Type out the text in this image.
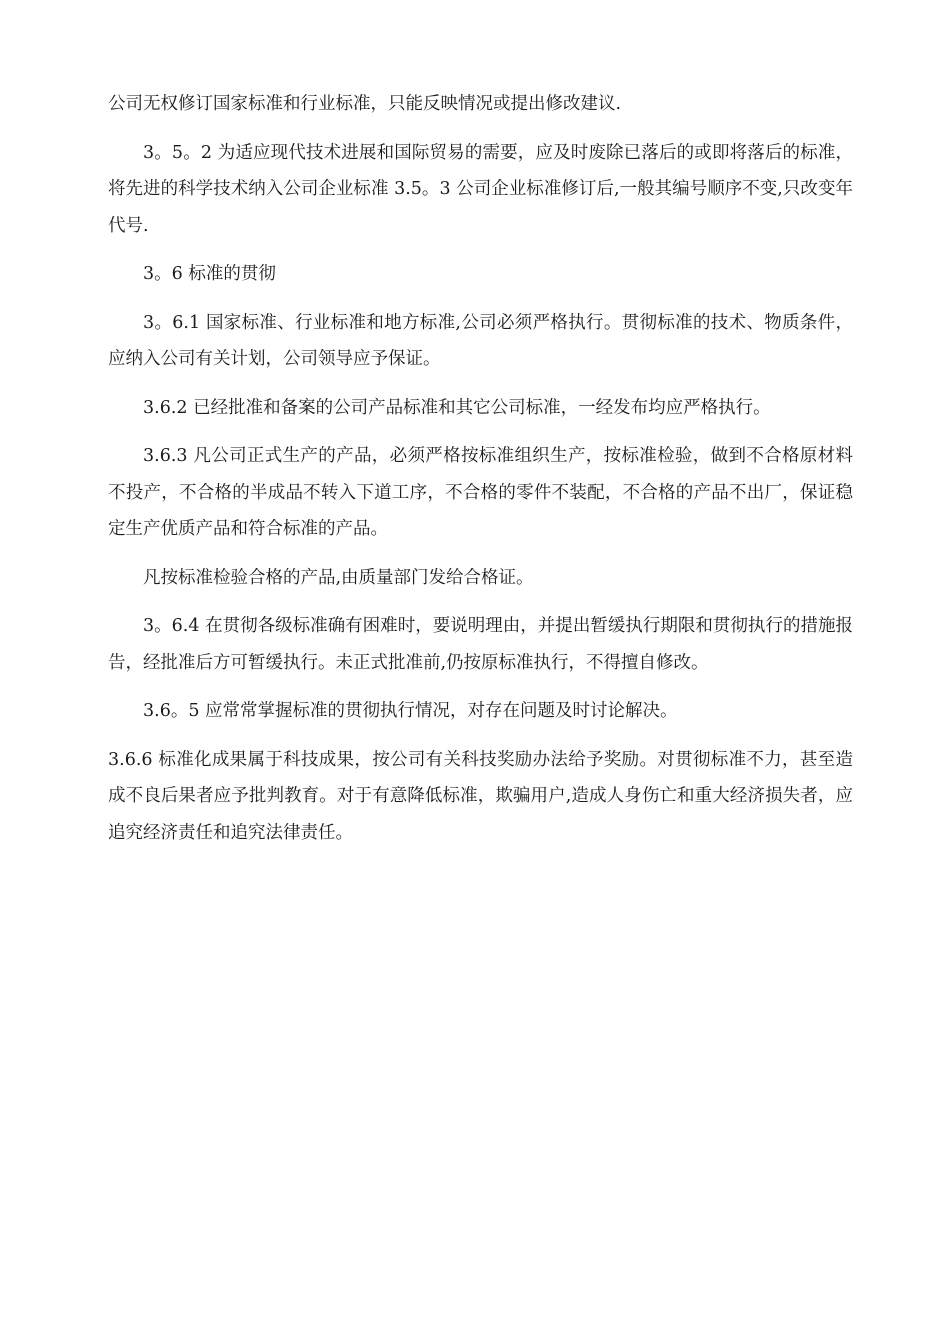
公司无权修订国家标准和行业标准，只能反映情况或提出修改建议.

3。5。2 为适应现代技术进展和国际贸易的需要，应及时废除已落后的或即将落后的标准，将先进的科学技术纳入公司企业标准 3.5。3 公司企业标准修订后,一般其编号顺序不变,只改变年代号.

3。6 标准的贯彻

3。6.1 国家标准、行业标准和地方标准,公司必须严格执行。贯彻标准的技术、物质条件，应纳入公司有关计划，公司领导应予保证。

3.6.2 已经批准和备案的公司产品标准和其它公司标准，一经发布均应严格执行。

3.6.3 凡公司正式生产的产品，必须严格按标准组织生产，按标准检验，做到不合格原材料不投产，不合格的半成品不转入下道工序，不合格的零件不装配，不合格的产品不出厂，保证稳定生产优质产品和符合标准的产品。

凡按标准检验合格的产品,由质量部门发给合格证。

3。6.4 在贯彻各级标准确有困难时，要说明理由，并提出暂缓执行期限和贯彻执行的措施报告，经批准后方可暂缓执行。未正式批准前,仍按原标准执行，不得擅自修改。

3.6。5 应常常掌握标准的贯彻执行情况，对存在问题及时讨论解决。

3.6.6 标准化成果属于科技成果，按公司有关科技奖励办法给予奖励。对贯彻标准不力，甚至造成不良后果者应予批判教育。对于有意降低标准，欺骗用户,造成人身伤亡和重大经济损失者，应追究经济责任和追究法律责任。
